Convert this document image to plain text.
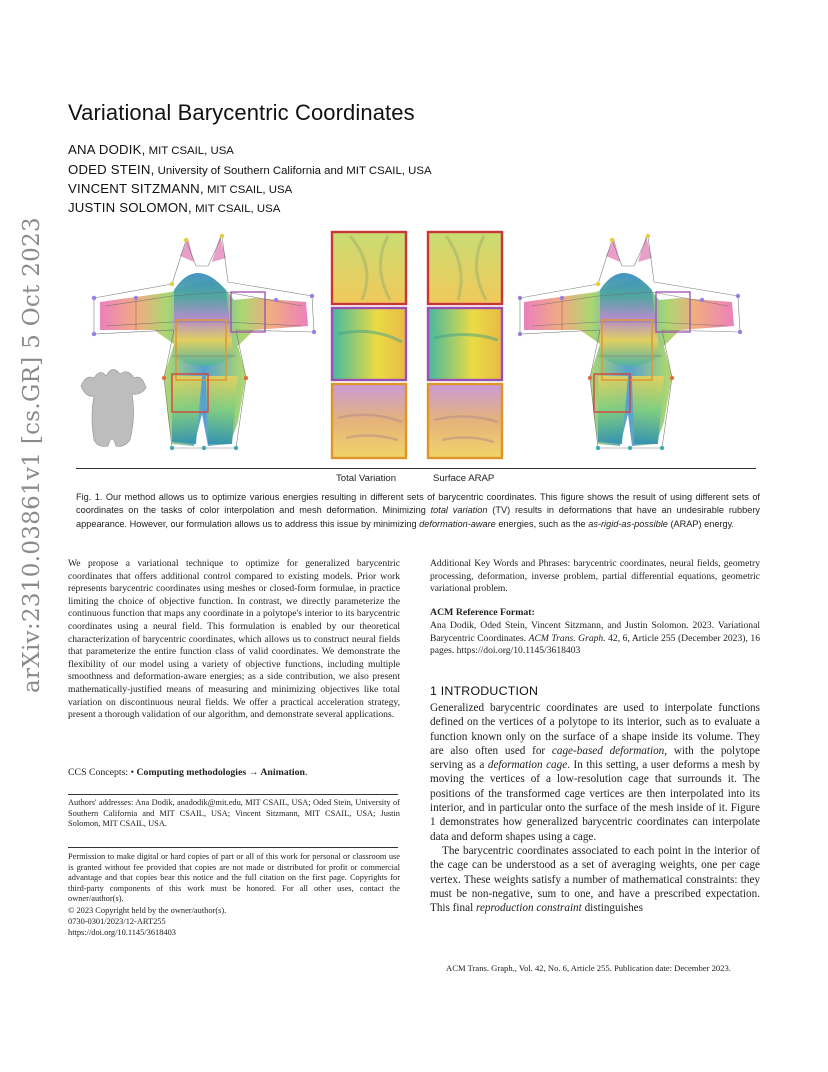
arXiv:2310.03861v1 [cs.GR] 5 Oct 2023
Variational Barycentric Coordinates
ANA DODIK, MIT CSAIL, USA
ODED STEIN, University of Southern California and MIT CSAIL, USA
VINCENT SITZMANN, MIT CSAIL, USA
JUSTIN SOLOMON, MIT CSAIL, USA
Total Variation	Surface ARAP
Fig. 1. Our method allows us to optimize various energies resulting in different sets of barycentric coordinates. This figure shows the result of using different sets of coordinates on the tasks of color interpolation and mesh deformation. Minimizing total variation (TV) results in deformations that have an undesirable rubbery appearance. However, our formulation allows us to address this issue by minimizing deformation-aware energies, such as the as-rigid-as-possible (ARAP) energy.
We propose a variational technique to optimize for generalized barycentric coordinates that offers additional control compared to existing models. Prior work represents barycentric coordinates using meshes or closed-form formulae, in practice limiting the choice of objective function. In contrast, we directly parameterize the continuous function that maps any coordinate in a polytope's interior to its barycentric coordinates using a neural field. This formulation is enabled by our theoretical characterization of barycentric coordinates, which allows us to construct neural fields that parameterize the entire function class of valid coordinates. We demonstrate the flexibility of our model using a variety of objective functions, including multiple smoothness and deformation-aware energies; as a side contribution, we also present mathematically-justified means of measuring and minimizing objectives like total variation on discontinuous neural fields. We offer a practical acceleration strategy, present a thorough validation of our algorithm, and demonstrate several applications.
CCS Concepts: • Computing methodologies → Animation.
Authors' addresses: Ana Dodik, anadodik@mit.edu, MIT CSAIL, USA; Oded Stein, University of Southern California and MIT CSAIL, USA; Vincent Sitzmann, MIT CSAIL, USA; Justin Solomon, MIT CSAIL, USA.
Permission to make digital or hard copies of part or all of this work for personal or classroom use is granted without fee provided that copies are not made or distributed for profit or commercial advantage and that copies bear this notice and the full citation on the first page. Copyrights for third-party components of this work must be honored. For all other uses, contact the owner/author(s).
© 2023 Copyright held by the owner/author(s).
0730-0301/2023/12-ART255
https://doi.org/10.1145/3618403
Additional Key Words and Phrases: barycentric coordinates, neural fields, geometry processing, deformation, inverse problem, partial differential equations, geometric variational problem.
ACM Reference Format:
Ana Dodik, Oded Stein, Vincent Sitzmann, and Justin Solomon. 2023. Variational Barycentric Coordinates. ACM Trans. Graph. 42, 6, Article 255 (December 2023), 16 pages. https://doi.org/10.1145/3618403
1 INTRODUCTION

Generalized barycentric coordinates are used to interpolate functions defined on the vertices of a polytope to its interior, such as to evaluate a function known only on the surface of a shape inside its volume. They are also often used for cage-based deformation, with the polytope serving as a deformation cage. In this setting, a user deforms a mesh by moving the vertices of a low-resolution cage that surrounds it. The positions of the transformed cage vertices are then interpolated into its interior, and in particular onto the surface of the mesh inside of it. Figure 1 demonstrates how generalized barycentric coordinates can interpolate data and deform shapes using a cage.

The barycentric coordinates associated to each point in the interior of the cage can be understood as a set of averaging weights, one per cage vertex. These weights satisfy a number of mathematical constraints: they must be non-negative, sum to one, and have a prescribed expectation. This final reproduction constraint distinguishes

ACM Trans. Graph., Vol. 42, No. 6, Article 255. Publication date: December 2023.
